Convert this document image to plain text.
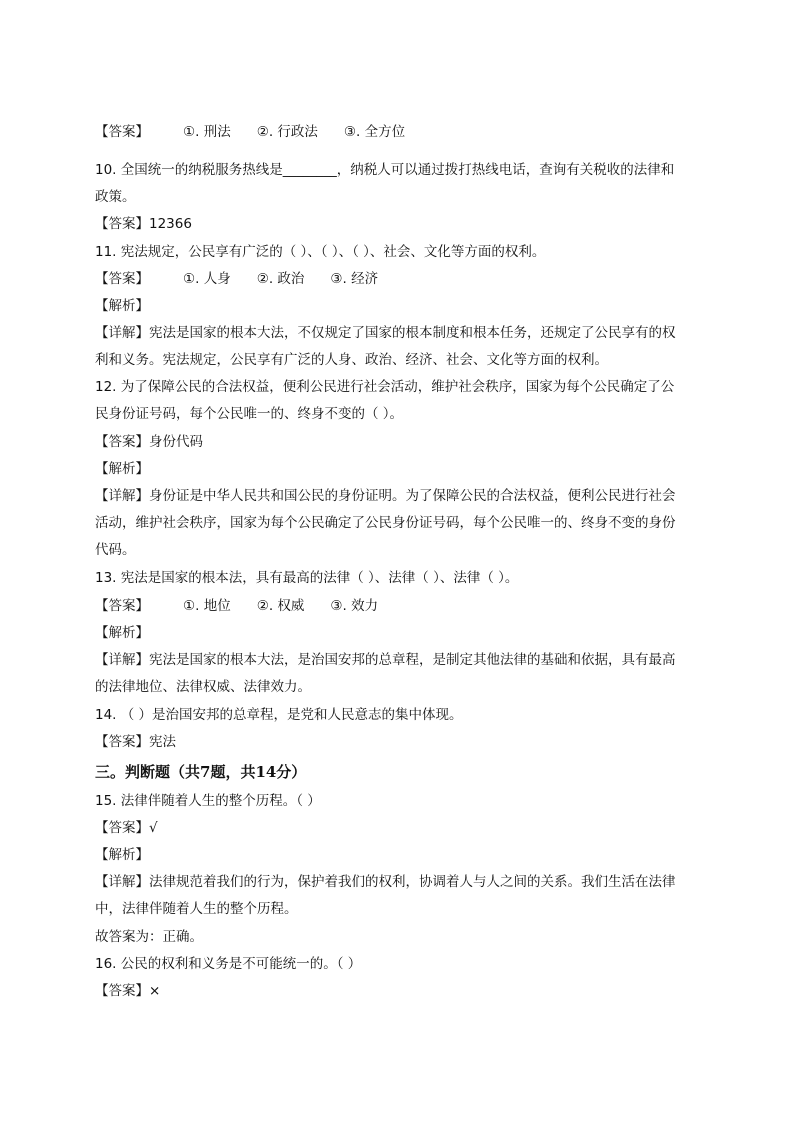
【答案】	①. 刑法 ②. 行政法 ③. 全方位
10. 全国统一的纳税服务热线是________，纳税人可以通过拨打热线电话，查询有关税收的法律和
政策。
【答案】12366
11. 宪法规定，公民享有广泛的（ ）、（ ）、（ ）、社会、文化等方面的权利。
【答案】	①. 人身 ②. 政治 ③. 经济
【解析】
【详解】宪法是国家的根本大法，不仅规定了国家的根本制度和根本任务，还规定了公民享有的权
利和义务。宪法规定，公民享有广泛的人身、政治、经济、社会、文化等方面的权利。
12. 为了保障公民的合法权益，便利公民进行社会活动，维护社会秩序，国家为每个公民确定了公
民身份证号码，每个公民唯一的、终身不变的（ ）。
【答案】身份代码
【解析】
【详解】身份证是中华人民共和国公民的身份证明。为了保障公民的合法权益，便利公民进行社会
活动，维护社会秩序，国家为每个公民确定了公民身份证号码，每个公民唯一的、终身不变的身份
代码。
13. 宪法是国家的根本法，具有最高的法律（ ）、法律（ ）、法律（ ）。
【答案】	①. 地位 ②. 权威 ③. 效力
【解析】
【详解】宪法是国家的根本大法，是治国安邦的总章程，是制定其他法律的基础和依据，具有最高
的法律地位、法律权威、法律效力。
14. （ ）是治国安邦的总章程，是党和人民意志的集中体现。
【答案】宪法
三。判断题（共7题，共14分）
15. 法律伴随着人生的整个历程。（ ）
【答案】√
【解析】
【详解】法律规范着我们的行为，保护着我们的权利，协调着人与人之间的关系。我们生活在法律
中，法律伴随着人生的整个历程。
故答案为：正确。
16. 公民的权利和义务是不可能统一的。（ ）
【答案】×
